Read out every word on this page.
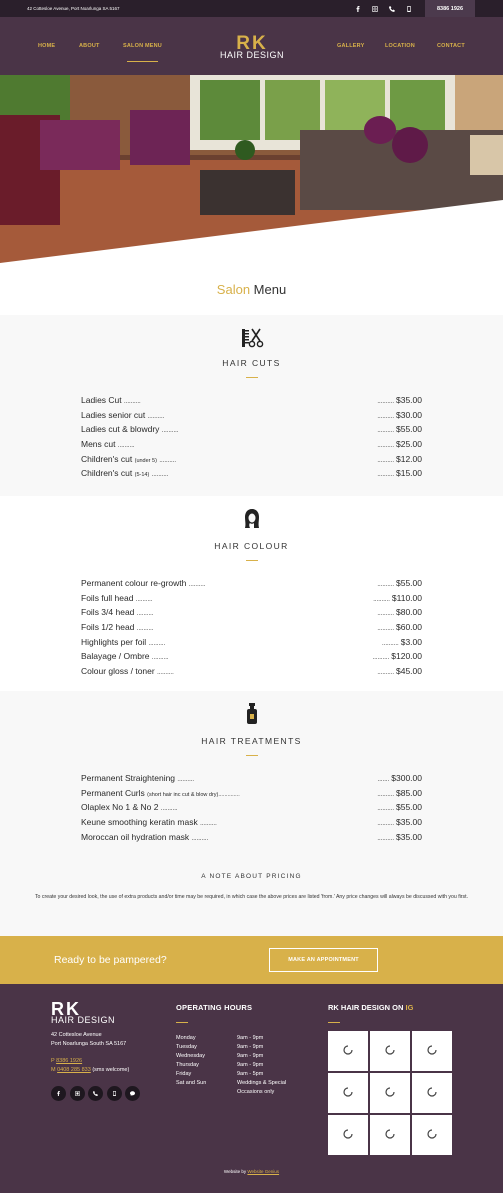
42 Cottesloe Avenue, Port Noarlunga SA 5167	8386 1926
HOME	ABOUT	SALON MENU	RK
HAIR DESIGN
GALLERY	LOCATION	CONTACT
Salon Menu
HAIR CUTS
Ladies Cut ..........	.......... $35.00
Ladies senior cut ..........	.......... $30.00
Ladies cut & blowdry ..........	.......... $55.00
Mens cut ..........	.......... $25.00
Children's cut (under 5) ..........	.......... $12.00
Children's cut (5-14) ..........	.......... $15.00
HAIR COLOUR
Permanent colour re-growth ..........	.......... $55.00
Foils full head ..........	.......... $110.00
Foils 3/4 head ..........	.......... $80.00
Foils 1/2 head ..........	.......... $60.00
Highlights per foil ..........	.......... $3.00
Balayage / Ombre ..........	.......... $120.00
Colour gloss / toner ..........	.......... $45.00
HAIR TREATMENTS
Permanent Straightening ..........	....... $300.00
Permanent Curls (short hair inc cut & blow dry)..............	.......... $85.00
Olaplex No 1 & No 2 ..........	.......... $55.00
Keune smoothing keratin mask ..........	.......... $35.00
Moroccan oil hydration mask ..........	.......... $35.00
A NOTE ABOUT PRICING
To create your desired look, the use of extra products and/or time may be required, in which case the above prices are listed 'from.' Any price changes will always be discussed with you first.
Ready to be pampered?	MAKE AN APPOINTMENT
RK
HAIR DESIGN
42 Cottesloe Avenue
Port Noarlunga South SA 5167
P 8386 1926
M 0408 285 833 (sms welcome)
OPERATING HOURS
Monday	9am - 9pm
Tuesday	9am - 9pm
Wednesday	9am - 9pm
Thursday	9am - 9pm
Friday	9am - 5pm
Sat and Sun	Weddings & Special
Occasions only
RK HAIR DESIGN ON IG
Website by Website Genius
